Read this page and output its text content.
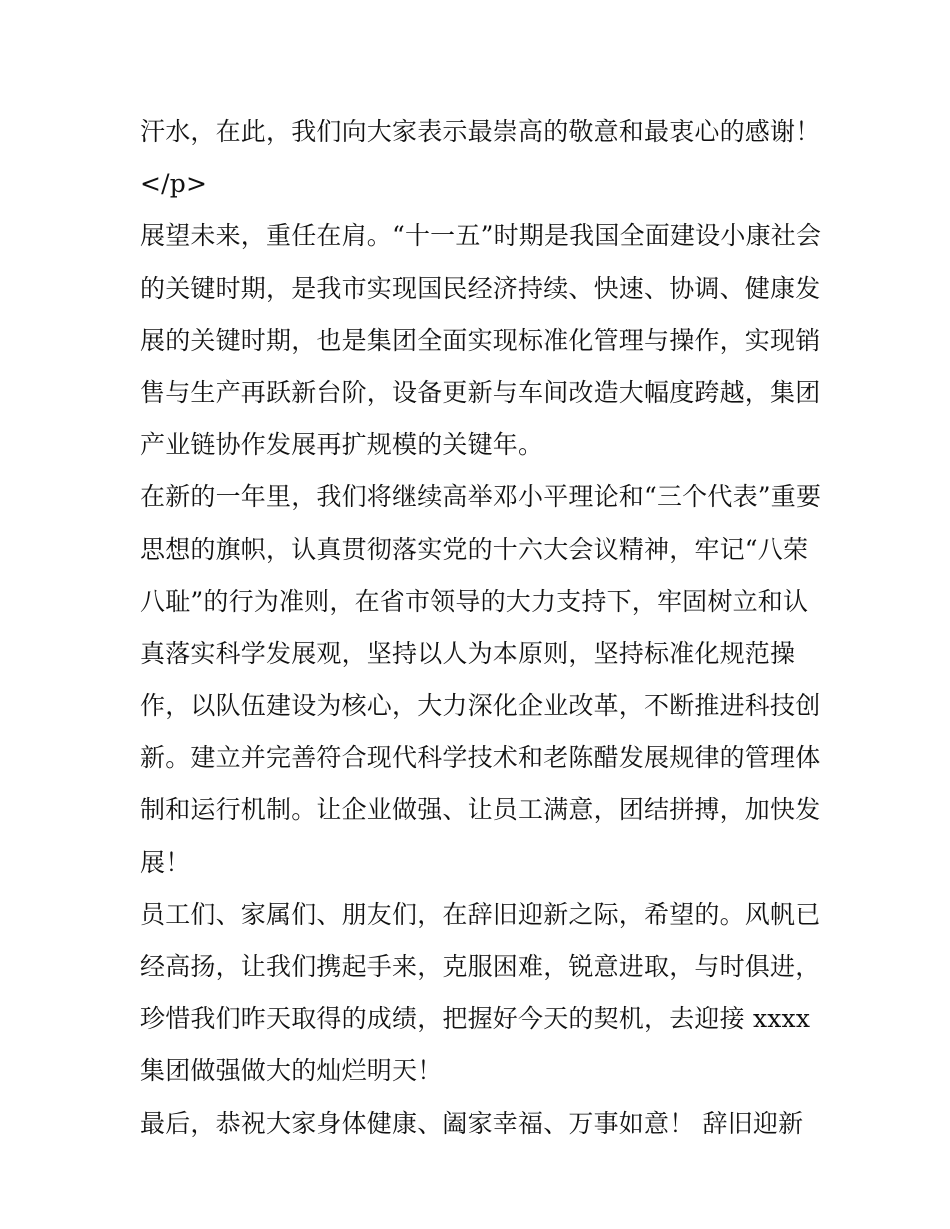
汗水，在此，我们向大家表示最崇高的敬意和最衷心的感谢！
</p>
展望未来，重任在肩。“十一五”时期是我国全面建设小康社会
的关键时期，是我市实现国民经济持续、快速、协调、健康发
展的关键时期，也是集团全面实现标准化管理与操作，实现销
售与生产再跃新台阶，设备更新与车间改造大幅度跨越，集团
产业链协作发展再扩规模的关键年。
在新的一年里，我们将继续高举邓小平理论和“三个代表”重要
思想的旗帜，认真贯彻落实党的十六大会议精神，牢记“八荣
八耻”的行为准则，在省市领导的大力支持下，牢固树立和认
真落实科学发展观，坚持以人为本原则，坚持标准化规范操
作，以队伍建设为核心，大力深化企业改革，不断推进科技创
新。建立并完善符合现代科学技术和老陈醋发展规律的管理体
制和运行机制。让企业做强、让员工满意，团结拼搏，加快发
展！
员工们、家属们、朋友们，在辞旧迎新之际，希望的。风帆已
经高扬，让我们携起手来，克服困难，锐意进取，与时俱进，
珍惜我们昨天取得的成绩，把握好今天的契机，去迎接 xxxx
集团做强做大的灿烂明天！
最后，恭祝大家身体健康、阖家幸福、万事如意！ 辞旧迎新
